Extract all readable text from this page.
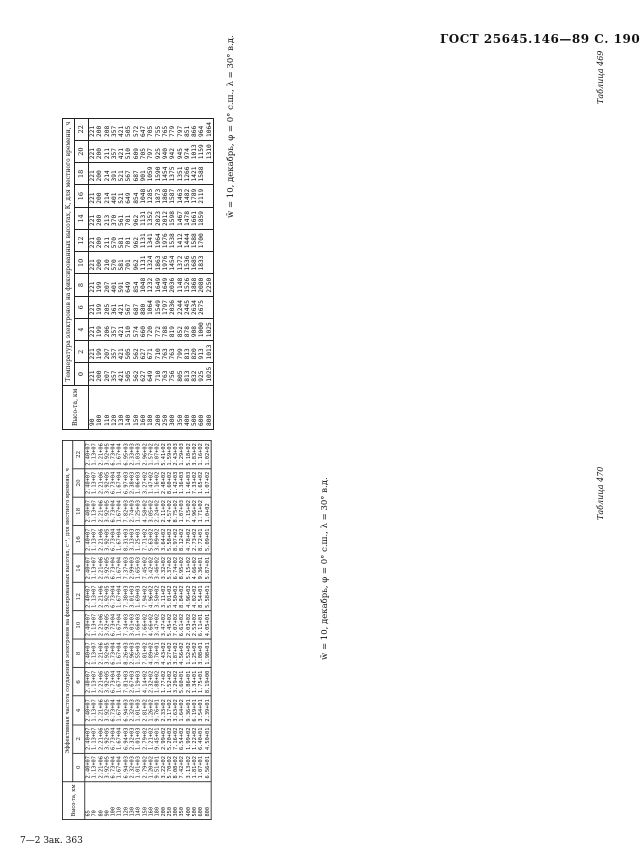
ГОСТ 25645.146—89 С. 190
Таблица 469
w̄ = 10, декабрь, φ = 0° с.ш., λ = 30° в.д.
Высо-та, км	Температура электронов на фиксированных высотах, К, для местного времени, ч											
	0	2	4	6	8	10	12	14	16	18	20	22
90	221	221	221	221	221	221	221	221	221	221	221	221
100	200	199	199	199	199	200	200	200	200	200	200	200
110	207	207	206	205	207	210	211	213	214	214	211	208
120	357	357	357	361	401	570	570	370	401	391	357	357
130	421	421	421	421	591	581	581	561	521	521	421	421
140	505	505	510	567	649	701	701	701	649	567	510	505
150	562	562	574	687	854	962	962	962	854	687	609	572
160	627	627	660	880	1048	1131	1131	1131	1048	901	705	647
180	649	671	720	1064	1232	1324	1341	1352	1285	1059	797	705
200	710	710	772	1549	1649	1863	1964	2023	1873	1590	925	755
250	763	763	788	1797	1649	1976	1976	2012	1868	1454	940	765
300	756	763	819	2036	2036	1454	1538	1598	1587	1375	942	779
350	805	799	852	2244	1148	1372	1412	1467	1463	1351	945	797
400	813	813	878	2445	1526	1536	1444	1478	1482	1266	974	851
500	832	820	908	2634	1868	1685	1588	1661	1789	1421	1013	866
600	925	913	1000	2675	2080	1833	1700	1859	2119	1588	1159	964
800	1025	1013	1025		2250						1310	1064
Таблица 470
w̄ = 10, декабрь, φ = 0° с.ш., λ = 30° в.д.
Высо-та, км	Эффективная частота соударений электронов на фиксированных высотах, с⁻¹, для местного времени, ч											
	0	2	4	6	8	10	12	14	16	18	20	22
65	2.40+07	2.40+07	2.40+07	2.40+07	2.40+07	2.40+07	2.40+07	2.40+07	2.40+07	2.40+07	2.40+07	2.40+07
70	1.13+07	1.13+07	1.13+07	1.13+07	1.13+07	1.13+07	1.13+07	1.13+07	1.13+07	1.13+07	1.13+07	1.13+07
80	2.21+06	2.21+06	2.21+06	2.21+06	2.21+06	2.21+06	2.21+06	2.21+06	2.21+06	2.21+06	2.21+06	2.21+06
90	3.92+05	3.92+05	3.92+05	3.92+05	3.92+05	3.92+05	3.92+05	3.92+05	3.92+05	3.92+05	3.92+05	3.92+05
100	6.73+04	6.73+04	6.73+04	6.73+04	6.73+04	6.73+04	6.73+04	6.73+04	6.73+04	6.73+04	6.73+04	6.73+04
110	1.67+04	1.67+04	1.67+04	1.67+04	1.67+04	1.67+04	1.67+04	1.67+04	1.67+04	1.67+04	1.67+04	1.67+04
120	6.94+03	6.94+03	6.94+03	7.81+03	8.26+03	7.34+03	7.38+03	7.37+03	8.31+03	7.82+03	6.97+03	6.95+03
130	2.32+03	2.32+03	2.32+03	2.67+03	2.96+03	3.01+03	3.01+03	2.99+03	3.13+03	2.74+03	2.38+03	2.33+03
140	1.01+03	1.01+03	1.01+03	1.19+03	1.55+03	1.66+03	1.69+03	1.65+03	1.25+03	1.25+03	1.06+03	1.03+03
150	2.79+02	2.79+02	2.81+02	4.14+02	7.01+02	7.66+02	7.94+02	7.45+02	7.71+02	4.58+02	3.27+02	2.96+02
160	1.20+02	1.21+02	1.26+02	2.32+02	4.89+02	4.66+02	4.96+02	3.42+02	5.63+02	3.05+02	1.47+02	1.57+02
180	9.51+01	9.45+01	9.76+01	1.88+02	3.76+01	3.47+02	3.50+02	3.46+02	3.09+02	2.24+02	1.16+02	1.07+02
200	3.22+02	2.99+02	2.33+02	1.77+02	4.43+02	3.47+02	3.11+02	3.32+02	3.64+02	2.11+02	2.48+02	5.41+02
250	5.70+02	5.20+02	3.17+02	1.52+02	5.27+02	5.45+02	5.01+02	5.37+02	5.58+02	4.57+02	8.60+02	1.59+03
300	8.08+02	7.16+02	3.63+02	3.29+02	3.87+02	7.07+02	4.50+02	6.74+02	8.97+02	8.75+02	1.42+03	2.43+03
350	7.42+02	6.54+02	1.64+02	5.60+01	4.56+02	6.61+02	8.84+02	8.95+02	8.12+02	1.07+03	1.36+03	1.29+03
400	3.13+02	1.99+02	9.36+01	2.86+01	1.52+02	2.03+02	4.96+02	5.15+02	4.78+02	7.15+02	1.46+03	5.18+02
500	1.81+02	1.22+02	6.19+01	1.34+01	1.25+02	2.53+02	4.02+02	4.66+02	2.73+02	4.96+02	7.33+02	3.83+02
600	1.07+01	6.40+01	3.54+01	1.75+01	3.08+01	6.11+01	8.54+01	9.36+01	8.72+01	1.71+02	1.65+02	1.16+02
800	6.56+01	4.50+01	2.39+01	8.19+00	1.98+01	4.05+01	5.58+01	5.87+01	5.09+01	1.0+02	1.07+02	1.02+02
7—2 Зак. 363
